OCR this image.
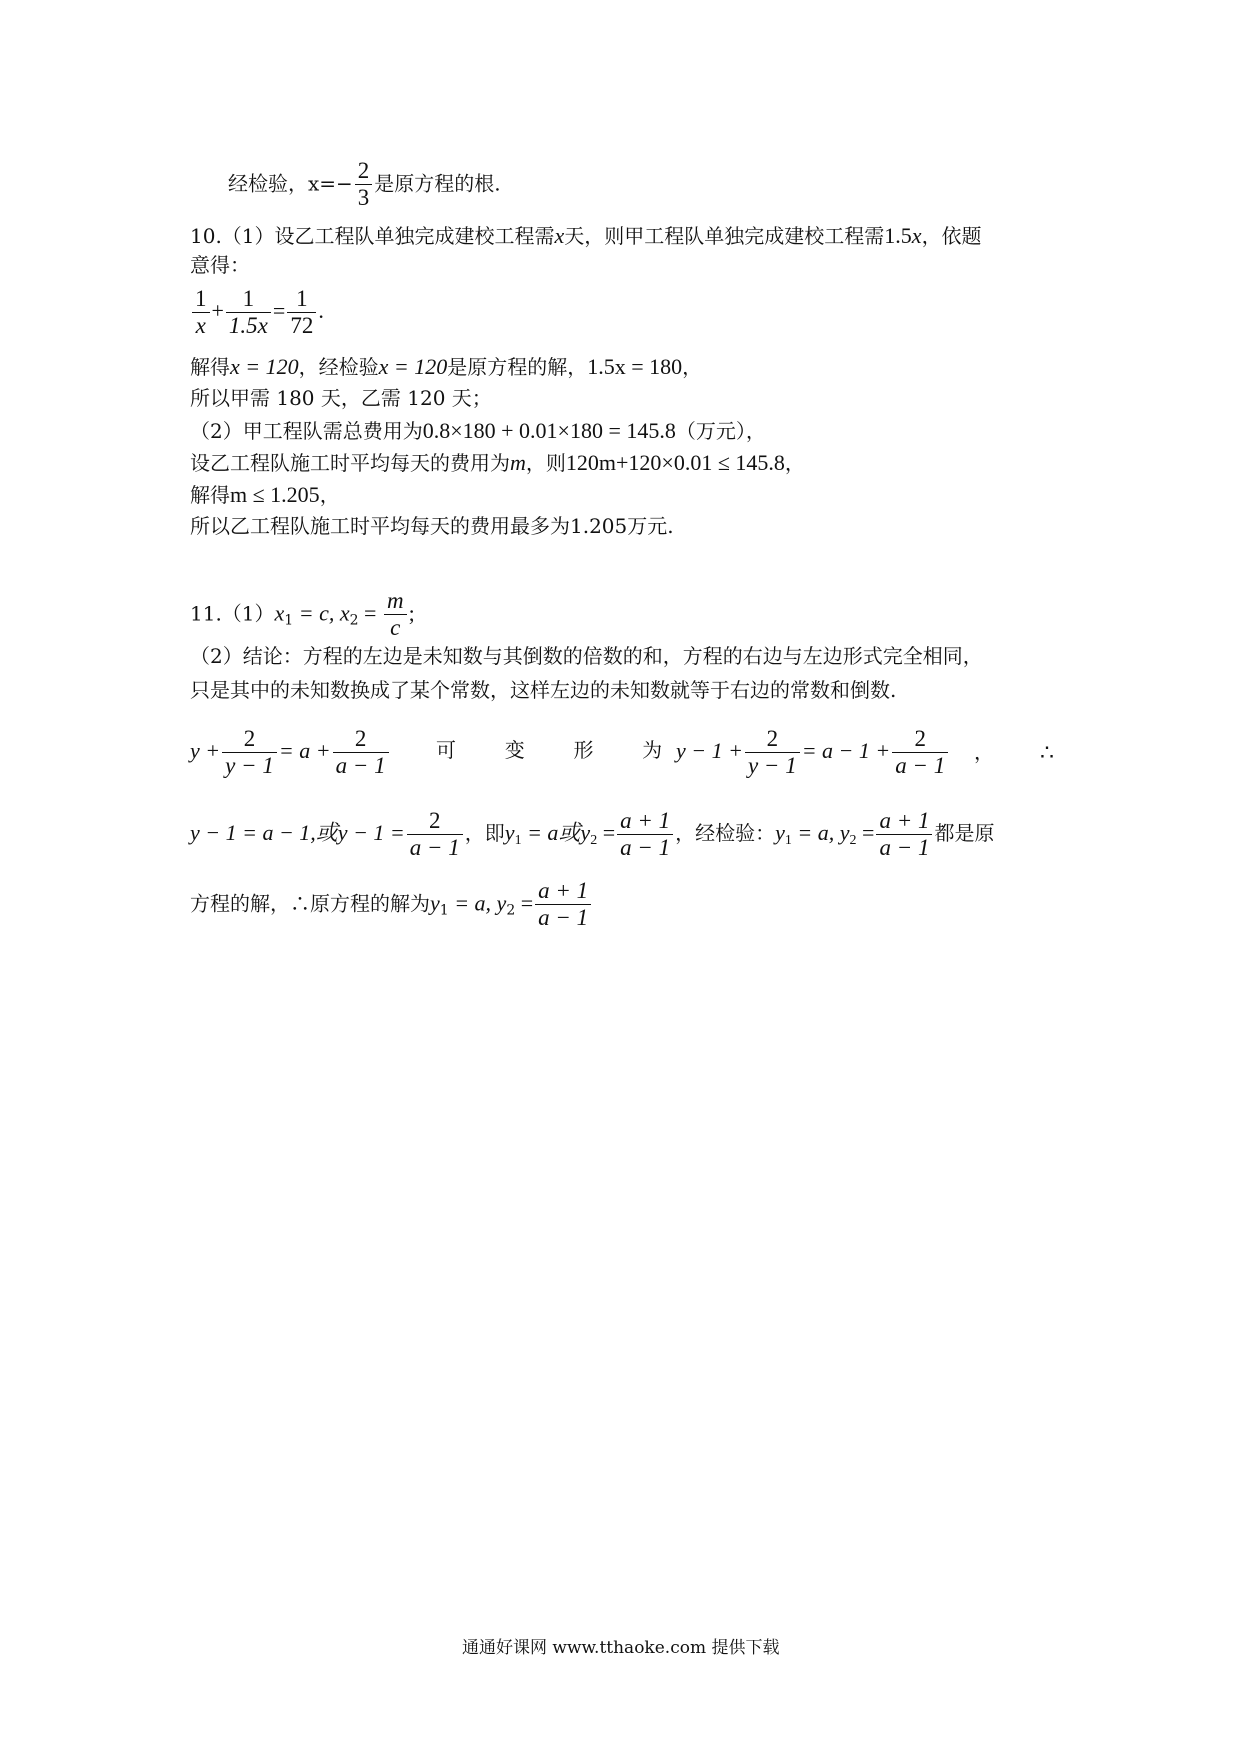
经检验，$x=- \frac{2}{3}$ 是原方程的根.
10.（1）设乙工程队单独完成建校工程需x天，则甲工程队单独完成建校工程需1.5x，依题
意得：
$\frac{1}{x} + \frac{1}{1.5x} = \frac{1}{72}$ .
解得x = 120，经检验x = 120是原方程的解，1.5x = 180，
所以甲需 180 天，乙需 120 天；
（2）甲工程队需总费用为0.8×180 + 0.01×180 = 145.8（万元），
设乙工程队施工时平均每天的费用为m，则120m+120×0.01 ≤ 145.8，
解得m ≤ 1.205，
所以乙工程队施工时平均每天的费用最多为1.205万元.
$11.(1)x_1 = c$, $x_2 = \frac{m}{c}$ ;
（2）结论：方程的左边是未知数与其倒数的倍数的和，方程的右边与左边形式完全相同，
只是其中的未知数换成了某个常数，这样左边的未知数就等于右边的常数和倒数.
$y + \frac{2}{y - 1} = a + \frac{2}{a - 1}$ 可 变 形 为 $y - 1 + \frac{2}{y - 1} = a - 1 + \frac{2}{a - 1}$ ， ∴
y − 1 = a − 1,或$y - 1 = \frac{2}{a - 1}$ ，即$y_1 = a$或$y_2 = \frac{a + 1}{a - 1}$ ，经检验：$y_1 = a$, $y_2 = \frac{a + 1}{a - 1}$ 都是原
方程的解，∴原方程的解为$y_1 = a$, $y_2 = \frac{a + 1}{a - 1}$
通通好课网 www.tthaoke.com 提供下载
